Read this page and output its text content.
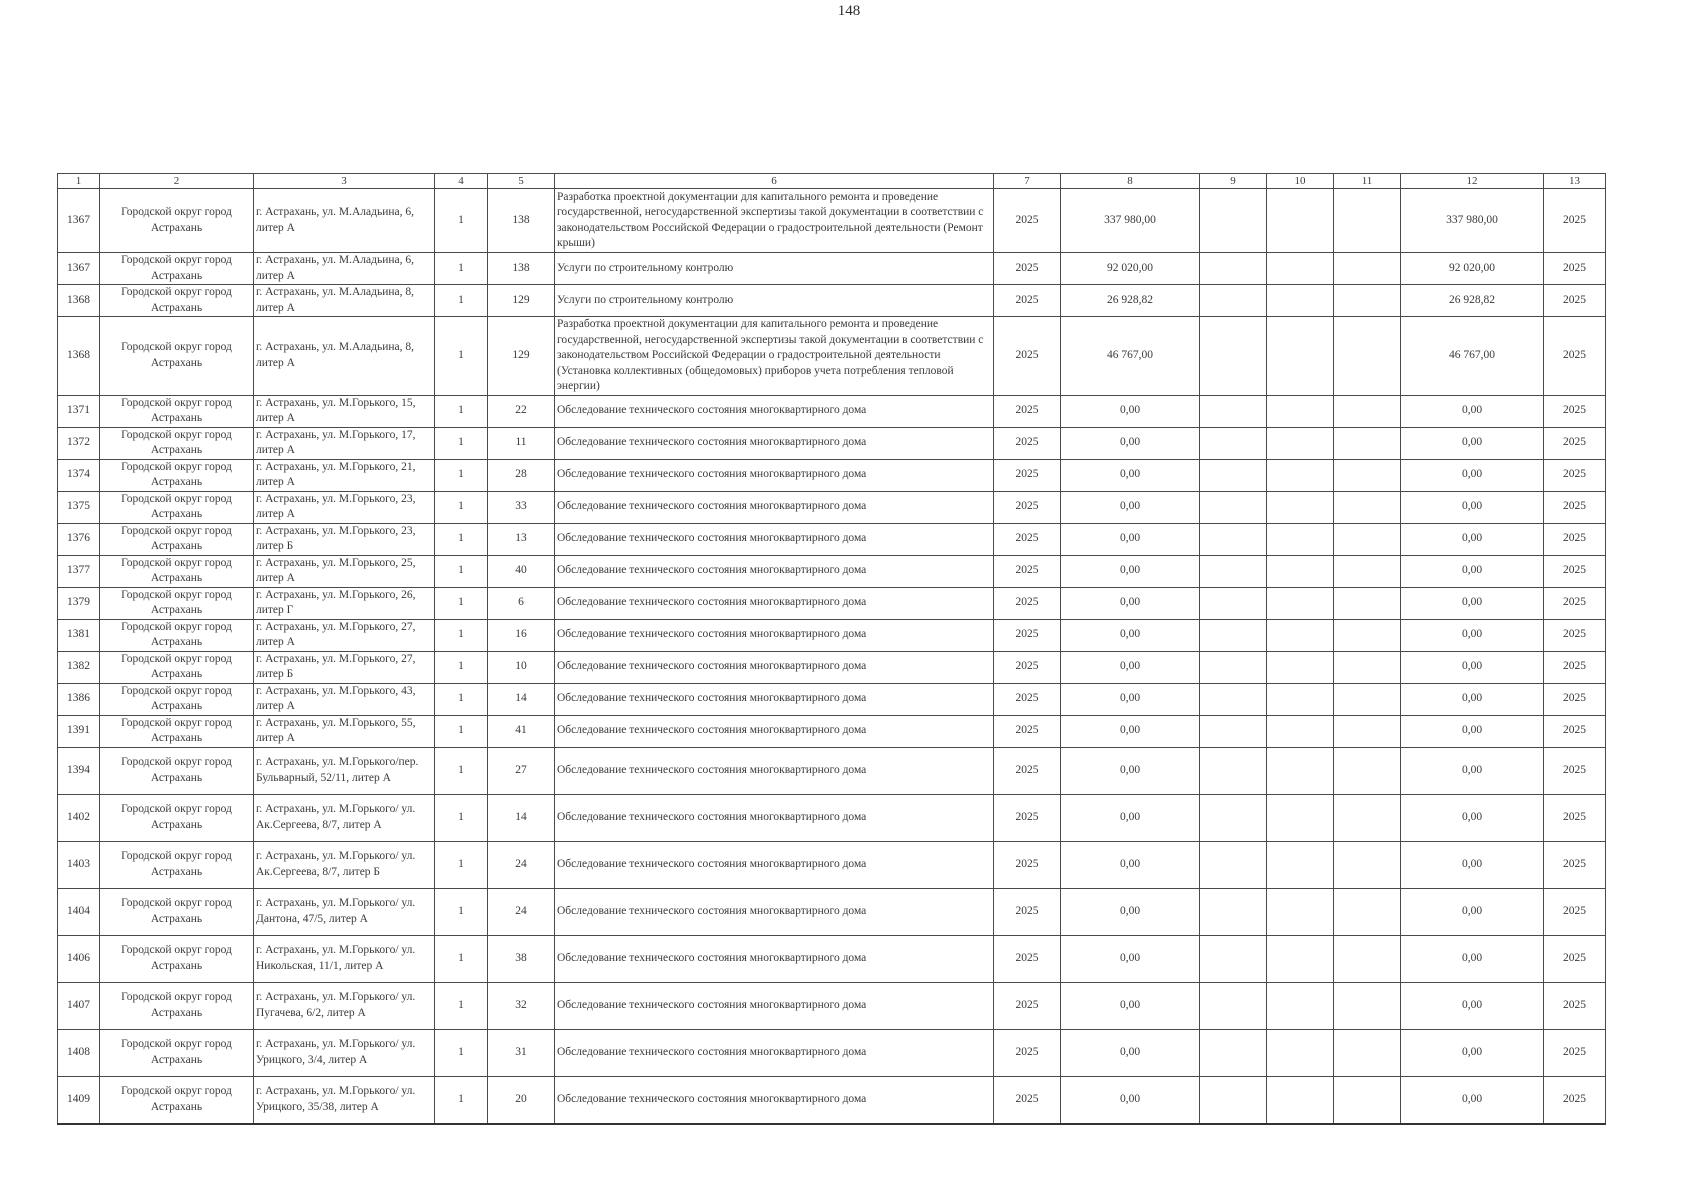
148
1	2	3	4	5	6	7	8	9	10	11	12	13
1367	Городской округ город Астрахань	г. Астрахань, ул. М.Аладьина, 6, литер А	1	138	Разработка проектной документации для капитального ремонта и проведение государственной, негосударственной экспертизы такой документации в соответствии с законодательством Российской Федерации о градостроительной деятельности (Ремонт крыши)	2025	337 980,00				337 980,00	2025
1367	Городской округ город Астрахань	г. Астрахань, ул. М.Аладьина, 6, литер А	1	138	Услуги по строительному контролю	2025	92 020,00				92 020,00	2025
1368	Городской округ город Астрахань	г. Астрахань, ул. М.Аладьина, 8, литер А	1	129	Услуги по строительному контролю	2025	26 928,82				26 928,82	2025
1368	Городской округ город Астрахань	г. Астрахань, ул. М.Аладьина, 8, литер А	1	129	Разработка проектной документации для капитального ремонта и проведение государственной, негосударственной экспертизы такой документации в соответствии с законодательством Российской Федерации о градостроительной деятельности (Установка коллективных (общедомовых) приборов учета потребления тепловой энергии)	2025	46 767,00				46 767,00	2025
1371	Городской округ город Астрахань	г. Астрахань, ул. М.Горького, 15, литер А	1	22	Обследование технического состояния многоквартирного дома	2025	0,00				0,00	2025
1372	Городской округ город Астрахань	г. Астрахань, ул. М.Горького, 17, литер А	1	11	Обследование технического состояния многоквартирного дома	2025	0,00				0,00	2025
1374	Городской округ город Астрахань	г. Астрахань, ул. М.Горького, 21, литер А	1	28	Обследование технического состояния многоквартирного дома	2025	0,00				0,00	2025
1375	Городской округ город Астрахань	г. Астрахань, ул. М.Горького, 23, литер А	1	33	Обследование технического состояния многоквартирного дома	2025	0,00				0,00	2025
1376	Городской округ город Астрахань	г. Астрахань, ул. М.Горького, 23, литер Б	1	13	Обследование технического состояния многоквартирного дома	2025	0,00				0,00	2025
1377	Городской округ город Астрахань	г. Астрахань, ул. М.Горького, 25, литер А	1	40	Обследование технического состояния многоквартирного дома	2025	0,00				0,00	2025
1379	Городской округ город Астрахань	г. Астрахань, ул. М.Горького, 26, литер Г	1	6	Обследование технического состояния многоквартирного дома	2025	0,00				0,00	2025
1381	Городской округ город Астрахань	г. Астрахань, ул. М.Горького, 27, литер А	1	16	Обследование технического состояния многоквартирного дома	2025	0,00				0,00	2025
1382	Городской округ город Астрахань	г. Астрахань, ул. М.Горького, 27, литер Б	1	10	Обследование технического состояния многоквартирного дома	2025	0,00				0,00	2025
1386	Городской округ город Астрахань	г. Астрахань, ул. М.Горького, 43, литер А	1	14	Обследование технического состояния многоквартирного дома	2025	0,00				0,00	2025
1391	Городской округ город Астрахань	г. Астрахань, ул. М.Горького, 55, литер А	1	41	Обследование технического состояния многоквартирного дома	2025	0,00				0,00	2025
1394	Городской округ город Астрахань	г. Астрахань, ул. М.Горького/пер. Бульварный, 52/11, литер А	1	27	Обследование технического состояния многоквартирного дома	2025	0,00				0,00	2025
1402	Городской округ город Астрахань	г. Астрахань, ул. М.Горького/ ул. Ак.Сергеева, 8/7, литер А	1	14	Обследование технического состояния многоквартирного дома	2025	0,00				0,00	2025
1403	Городской округ город Астрахань	г. Астрахань, ул. М.Горького/ ул. Ак.Сергеева, 8/7, литер Б	1	24	Обследование технического состояния многоквартирного дома	2025	0,00				0,00	2025
1404	Городской округ город Астрахань	г. Астрахань, ул. М.Горького/ ул. Дантона, 47/5, литер А	1	24	Обследование технического состояния многоквартирного дома	2025	0,00				0,00	2025
1406	Городской округ город Астрахань	г. Астрахань, ул. М.Горького/ ул. Никольская, 11/1, литер А	1	38	Обследование технического состояния многоквартирного дома	2025	0,00				0,00	2025
1407	Городской округ город Астрахань	г. Астрахань, ул. М.Горького/ ул. Пугачева, 6/2, литер А	1	32	Обследование технического состояния многоквартирного дома	2025	0,00				0,00	2025
1408	Городской округ город Астрахань	г. Астрахань, ул. М.Горького/ ул. Урицкого, 3/4, литер А	1	31	Обследование технического состояния многоквартирного дома	2025	0,00				0,00	2025
1409	Городской округ город Астрахань	г. Астрахань, ул. М.Горького/ ул. Урицкого, 35/38, литер А	1	20	Обследование технического состояния многоквартирного дома	2025	0,00				0,00	2025
